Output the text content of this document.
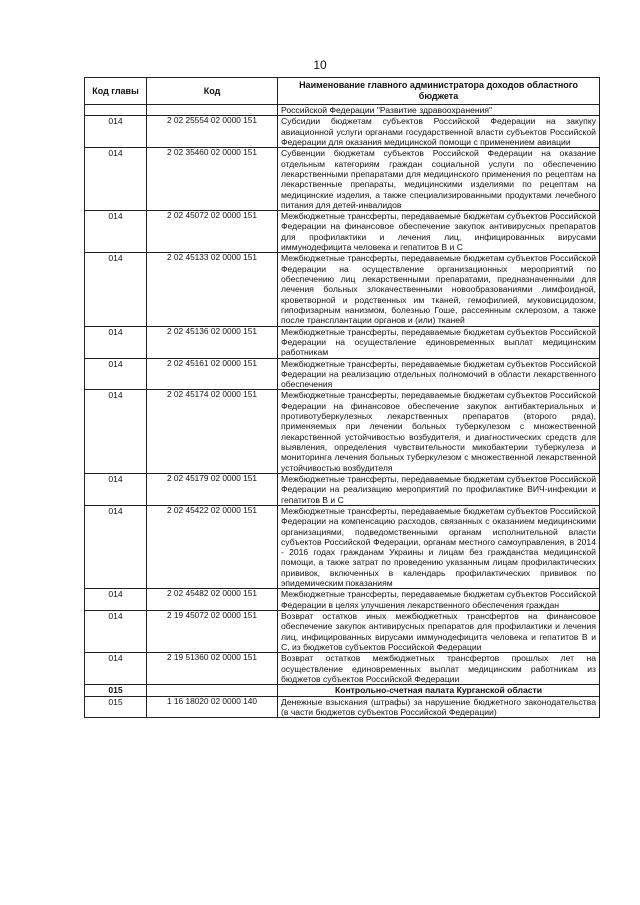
10
Код главы	Код	Наименование главного администратора доходов областного бюджета
		Российской Федерации "Развитие здравоохранения"
014	2 02 25554 02 0000 151	Субсидии бюджетам субъектов Российской Федерации на закупку авиационной услуги органами государственной власти субъектов Российской Федерации для оказания медицинской помощи с применением авиации
014	2 02 35460 02 0000 151	Субвенции бюджетам субъектов Российской Федерации на оказание отдельным категориям граждан социальной услуги по обеспечению лекарственными препаратами для медицинского применения по рецептам на лекарственные препараты, медицинскими изделиями по рецептам на медицинские изделия, а также специализированными продуктами лечебного питания для детей-инвалидов
014	2 02 45072 02 0000 151	Межбюджетные трансферты, передаваемые бюджетам субъектов Российской Федерации на финансовое обеспечение закупок антивирусных препаратов для профилактики и лечения лиц, инфицированных вирусами иммунодефицита человека и гепатитов В и С
014	2 02 45133 02 0000 151	Межбюджетные трансферты, передаваемые бюджетам субъектов Российской Федерации на осуществление организационных мероприятий по обеспечению лиц лекарственными препаратами, предназначенными для лечения больных злокачественными новообразованиями лимфоидной, кроветворной и родственных им тканей, гемофилией, муковисцидозом, гипофизарным нанизмом, болезнью Гоше, рассеянным склерозом, а также после трансплантации органов и (или) тканей
014	2 02 45136 02 0000 151	Межбюджетные трансферты, передаваемые бюджетам субъектов Российской Федерации на осуществление единовременных выплат медицинским работникам
014	2 02 45161 02 0000 151	Межбюджетные трансферты, передаваемые бюджетам субъектов Российской Федерации на реализацию отдельных полномочий в области лекарственного обеспечения
014	2 02 45174 02 0000 151	Межбюджетные трансферты, передаваемые бюджетам субъектов Российской Федерации на финансовое обеспечение закупок антибактериальных и противотуберкулезных лекарственных препаратов (второго ряда), применяемых при лечении больных туберкулезом с множественной лекарственной устойчивостью возбудителя, и диагностических средств для выявления, определения чувствительности микобактерии туберкулеза и мониторинга лечения больных туберкулезом с множественной лекарственной устойчивостью возбудителя
014	2 02 45179 02 0000 151	Межбюджетные трансферты, передаваемые бюджетам субъектов Российской Федерации на реализацию мероприятий по профилактике ВИЧ-инфекции и гепатитов В и С
014	2 02 45422 02 0000 151	Межбюджетные трансферты, передаваемые бюджетам субъектов Российской Федерации на компенсацию расходов, связанных с оказанием медицинскими организациями, подведомственными органам исполнительной власти субъектов Российской Федерации, органам местного самоуправления, в 2014 - 2016 годах гражданам Украины и лицам без гражданства медицинской помощи, а также затрат по проведению указанным лицам профилактических прививок, включенных в календарь профилактических прививок по эпидемическим показаниям
014	2 02 45482 02 0000 151	Межбюджетные трансферты, передаваемые бюджетам субъектов Российской Федерации в целях улучшения лекарственного обеспечения граждан
014	2 19 45072 02 0000 151	Возврат остатков иных межбюджетных трансфертов на финансовое обеспечение закупок антивирусных препаратов для профилактики и лечения лиц, инфицированных вирусами иммунодефицита человека и гепатитов В и С, из бюджетов субъектов Российской Федерации
014	2 19 51360 02 0000 151	Возврат остатков межбюджетных трансфертов прошлых лет на осуществление единовременных выплат медицинским работникам из бюджетов субъектов Российской Федерации
015		Контрольно-счетная палата Курганской области
015	1 16 18020 02 0000 140	Денежные взыскания (штрафы) за нарушение бюджетного законодательства (в части бюджетов субъектов Российской Федерации)
